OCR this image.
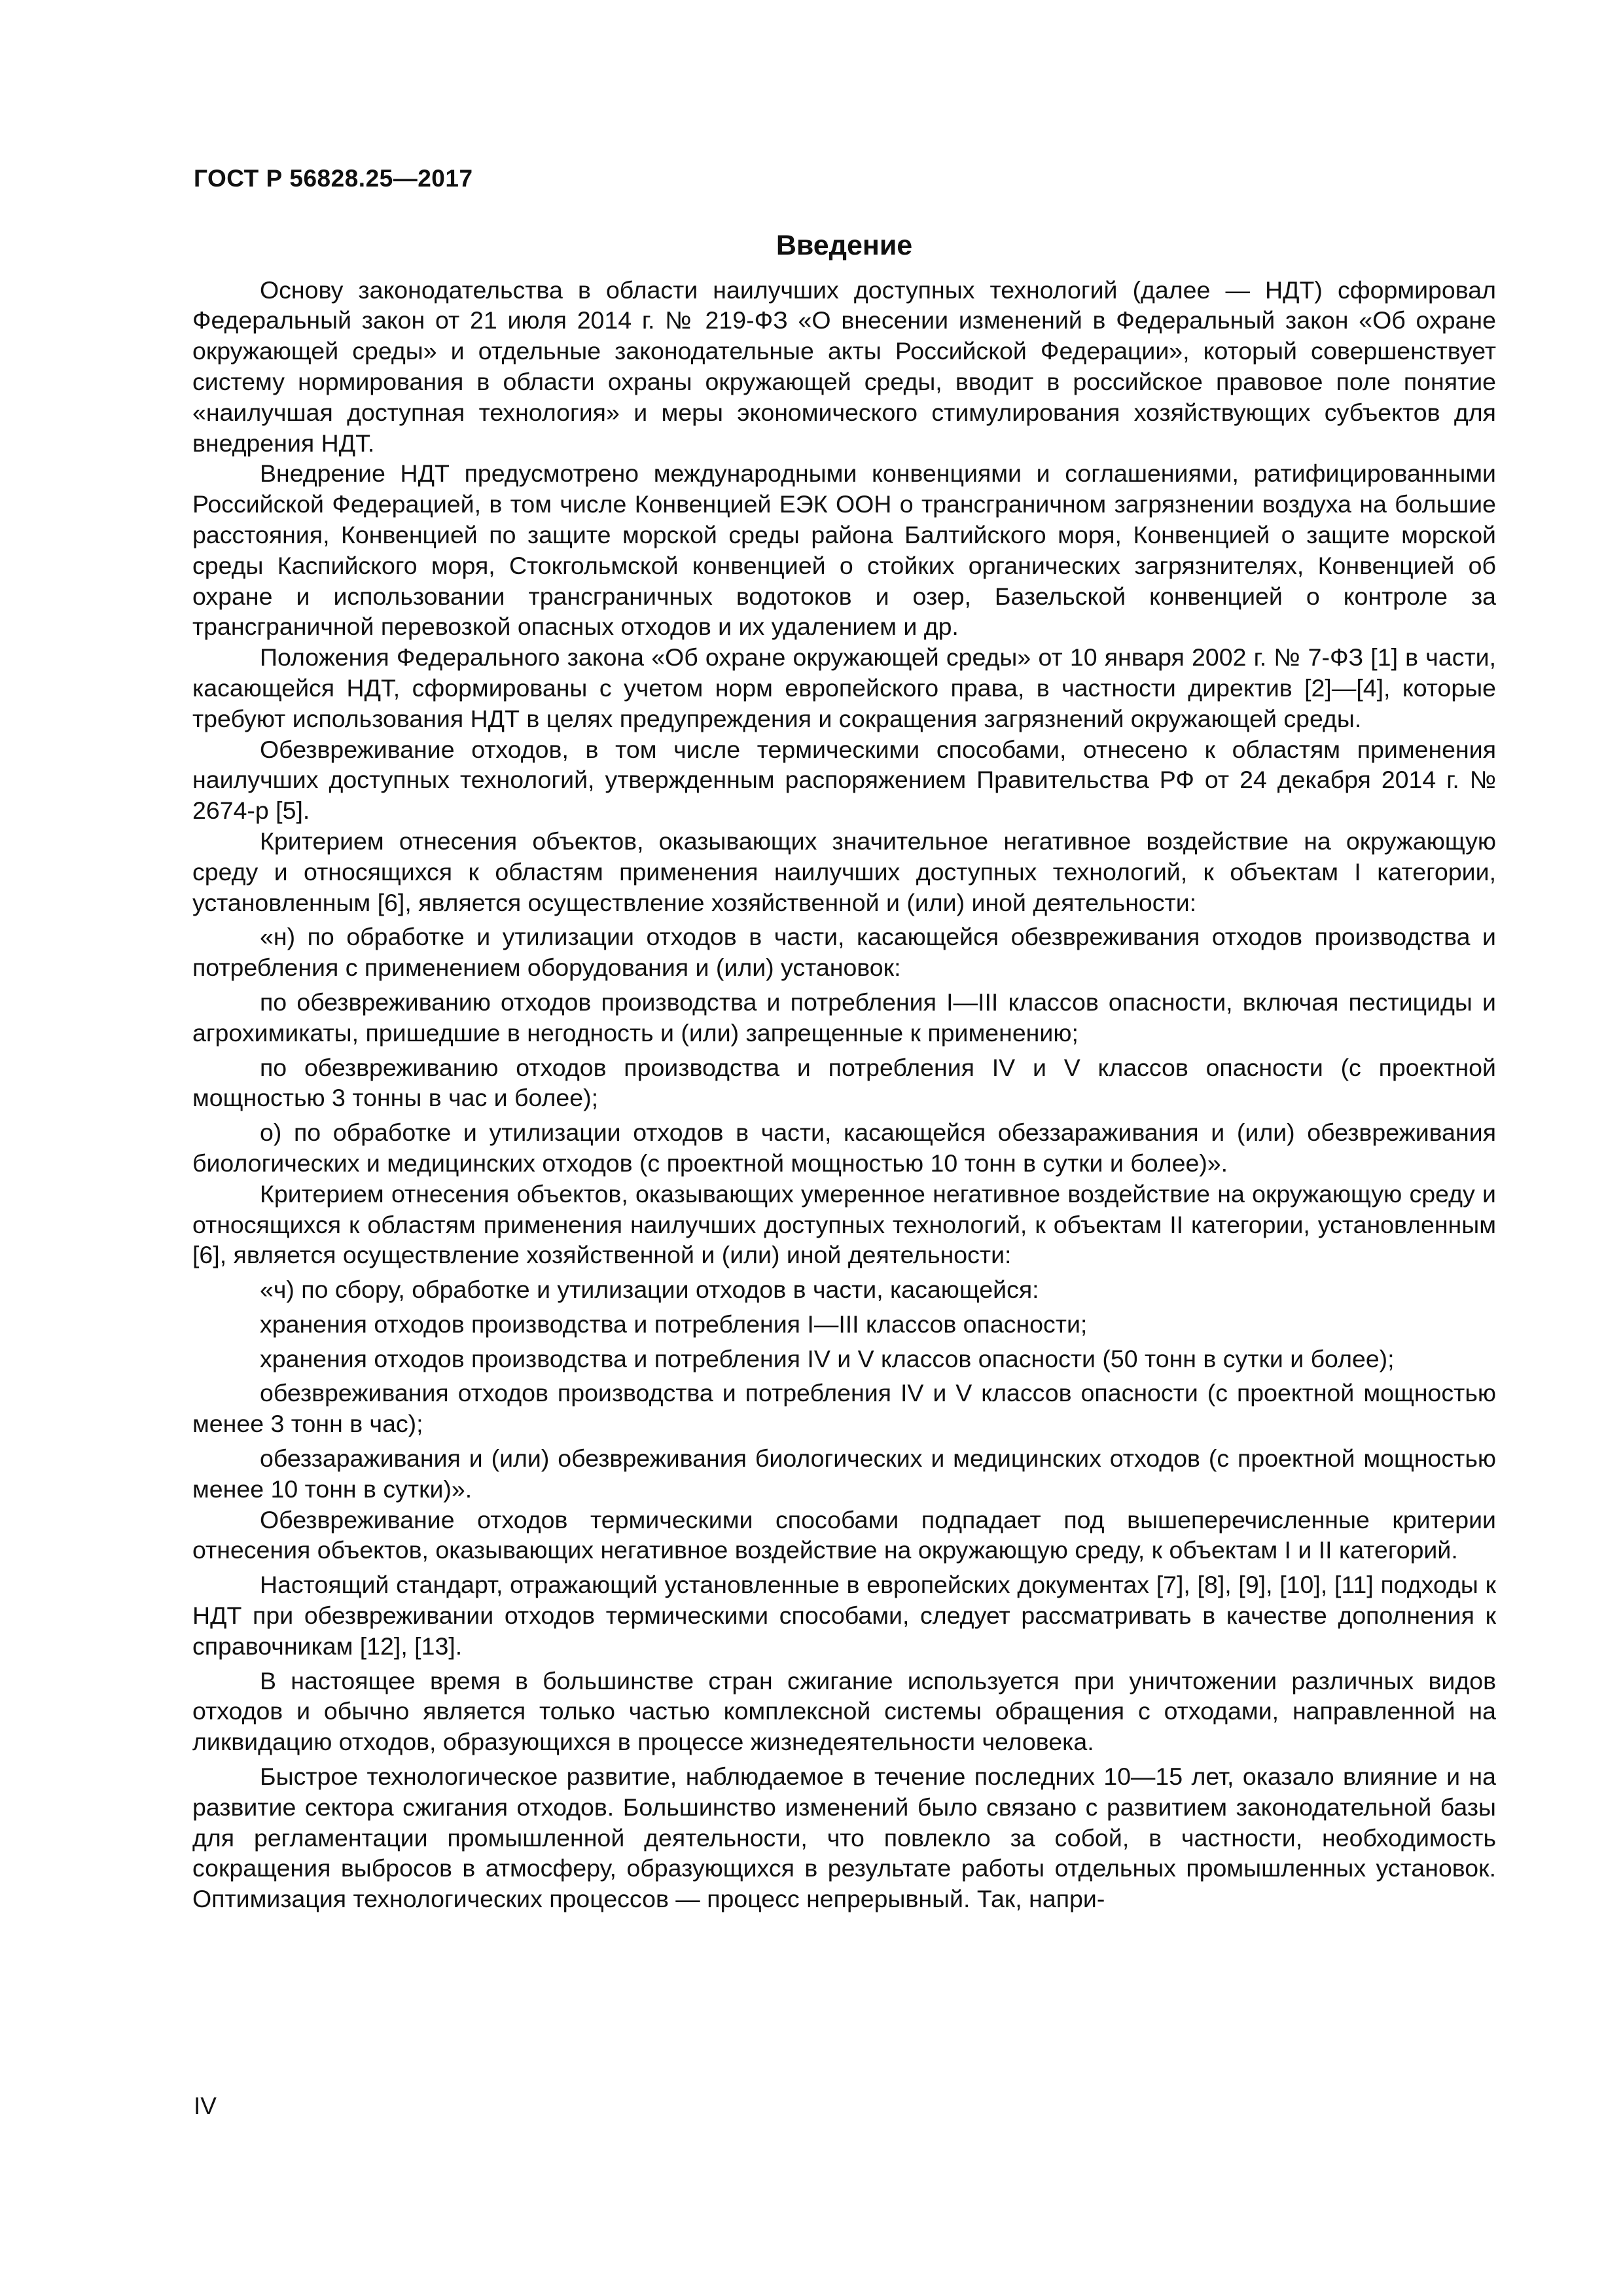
ГОСТ Р 56828.25—2017
Введение

Основу законодательства в области наилучших доступных технологий (далее — НДТ) сформировал Федеральный закон от 21 июля 2014 г. № 219-ФЗ «О внесении изменений в Федеральный закон «Об охране окружающей среды» и отдельные законодательные акты Российской Федерации», который совершенствует систему нормирования в области охраны окружающей среды, вводит в российское правовое поле понятие «наилучшая доступная технология» и меры экономического стимулирования хозяйствующих субъектов для внедрения НДТ.

Внедрение НДТ предусмотрено международными конвенциями и соглашениями, ратифицированными Российской Федерацией, в том числе Конвенцией ЕЭК ООН о трансграничном загрязнении воздуха на большие расстояния, Конвенцией по защите морской среды района Балтийского моря, Конвенцией о защите морской среды Каспийского моря, Стокгольмской конвенцией о стойких органических загрязнителях, Конвенцией об охране и использовании трансграничных водотоков и озер, Базельской конвенцией о контроле за трансграничной перевозкой опасных отходов и их удалением и др.

Положения Федерального закона «Об охране окружающей среды» от 10 января 2002 г. № 7-ФЗ [1] в части, касающейся НДТ, сформированы с учетом норм европейского права, в частности директив [2]—[4], которые требуют использования НДТ в целях предупреждения и сокращения загрязнений окружающей среды.

Обезвреживание отходов, в том числе термическими способами, отнесено к областям применения наилучших доступных технологий, утвержденным распоряжением Правительства РФ от 24 декабря 2014 г. № 2674-р [5].

Критерием отнесения объектов, оказывающих значительное негативное воздействие на окружающую среду и относящихся к областям применения наилучших доступных технологий, к объектам I категории, установленным [6], является осуществление хозяйственной и (или) иной деятельности:

«н) по обработке и утилизации отходов в части, касающейся обезвреживания отходов производства и потребления с применением оборудования и (или) установок:

по обезвреживанию отходов производства и потребления I—III классов опасности, включая пестициды и агрохимикаты, пришедшие в негодность и (или) запрещенные к применению;

по обезвреживанию отходов производства и потребления IV и V классов опасности (с проектной мощностью 3 тонны в час и более);

о) по обработке и утилизации отходов в части, касающейся обеззараживания и (или) обезвреживания биологических и медицинских отходов (с проектной мощностью 10 тонн в сутки и более)».

Критерием отнесения объектов, оказывающих умеренное негативное воздействие на окружающую среду и относящихся к областям применения наилучших доступных технологий, к объектам II категории, установленным [6], является осуществление хозяйственной и (или) иной деятельности:

«ч) по сбору, обработке и утилизации отходов в части, касающейся:

хранения отходов производства и потребления I—III классов опасности;

хранения отходов производства и потребления IV и V классов опасности (50 тонн в сутки и более);

обезвреживания отходов производства и потребления IV и V классов опасности (с проектной мощностью менее 3 тонн в час);

обеззараживания и (или) обезвреживания биологических и медицинских отходов (с проектной мощностью менее 10 тонн в сутки)».

Обезвреживание отходов термическими способами подпадает под вышеперечисленные критерии отнесения объектов, оказывающих негативное воздействие на окружающую среду, к объектам I и II категорий.

Настоящий стандарт, отражающий установленные в европейских документах [7], [8], [9], [10], [11] подходы к НДТ при обезвреживании отходов термическими способами, следует рассматривать в качестве дополнения к справочникам [12], [13].

В настоящее время в большинстве стран сжигание используется при уничтожении различных видов отходов и обычно является только частью комплексной системы обращения с отходами, направленной на ликвидацию отходов, образующихся в процессе жизнедеятельности человека.

Быстрое технологическое развитие, наблюдаемое в течение последних 10—15 лет, оказало влияние и на развитие сектора сжигания отходов. Большинство изменений было связано с развитием законодательной базы для регламентации промышленной деятельности, что повлекло за собой, в частности, необходимость сокращения выбросов в атмосферу, образующихся в результате работы отдельных промышленных установок. Оптимизация технологических процессов — процесс непрерывный. Так, напри-

IV
